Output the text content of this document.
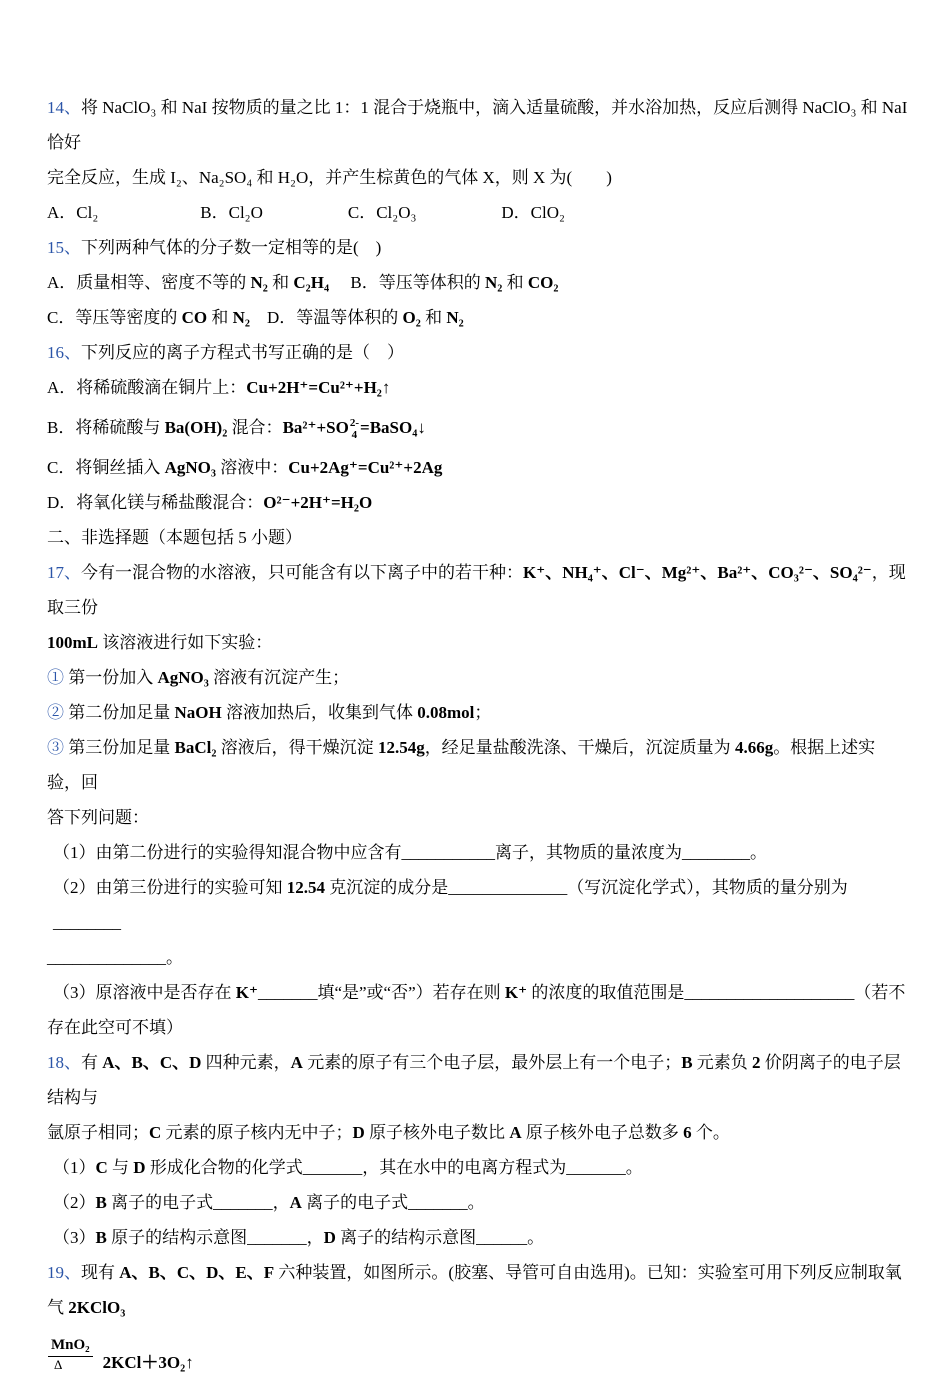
14、将 NaClO₃ 和 NaI 按物质的量之比 1：1 混合于烧瓶中，滴入适量硫酸，并水浴加热，反应后测得 NaClO₃ 和 NaI 恰好
完全反应，生成 I₂、Na₂SO₄ 和 H₂O，并产生棕黄色的气体 X，则 X 为(　　)
A．Cl₂      	B．Cl₂O     	C．Cl₂O₃     	D．ClO₂
15、下列两种气体的分子数一定相等的是(　)
A．质量相等、密度不等的 N₂ 和 C₂H₄  B．等压等体积的 N₂ 和 CO₂
C．等压等密度的 CO 和 N₂  D．等温等体积的 O₂ 和 N₂
16、下列反应的离子方程式书写正确的是（　）
A．将稀硫酸滴在铜片上：Cu+2H⁺=Cu²⁺+H₂↑
B．将稀硫酸与 Ba(OH)₂ 混合：Ba²⁺+SO 2-
4 =BaSO₄↓
C．将铜丝插入 AgNO₃ 溶液中：Cu+2Ag⁺=Cu²⁺+2Ag
D．将氧化镁与稀盐酸混合：O²⁻+2H⁺=H₂O
二、非选择题（本题包括 5 小题）
17、今有一混合物的水溶液，只可能含有以下离子中的若干种：K⁺、NH₄⁺、Cl⁻、Mg²⁺、Ba²⁺、CO₃²⁻、SO₄²⁻，现取三份
100mL 该溶液进行如下实验：
① 第一份加入 AgNO₃ 溶液有沉淀产生；
② 第二份加足量 NaOH 溶液加热后，收集到气体 0.08mol；
③ 第三份加足量 BaCl₂ 溶液后，得干燥沉淀 12.54g，经足量盐酸洗涤、干燥后，沉淀质量为 4.66g。根据上述实验，回
答下列问题：
（1）由第二份进行的实验得知混合物中应含有___________离子，其物质的量浓度为________。
（2）由第三份进行的实验可知 12.54 克沉淀的成分是______________（写沉淀化学式），其物质的量分别为________
______________。
（3）原溶液中是否存在 K⁺_______填“是”或“否”）若存在则 K⁺ 的浓度的取值范围是____________________（若不
存在此空可不填）
18、有 A、B、C、D 四种元素，A 元素的原子有三个电子层，最外层上有一个电子；B 元素负 2 价阴离子的电子层结构与
氩原子相同；C 元素的原子核内无中子；D 原子核外电子数比 A 原子核外电子总数多 6 个。
（1）C 与 D 形成化合物的化学式_______，其在水中的电离方程式为_______。
（2）B 离子的电子式_______，A 离子的电子式_______。
（3）B 原子的结构示意图_______，D 离子的结构示意图______。
19、现有 A、B、C、D、E、F 六种装置，如图所示。(胶塞、导管可自由选用)。已知：实验室可用下列反应制取氧气 2KClO₃
MnO₂
Δ 2KCl＋3O₂↑
